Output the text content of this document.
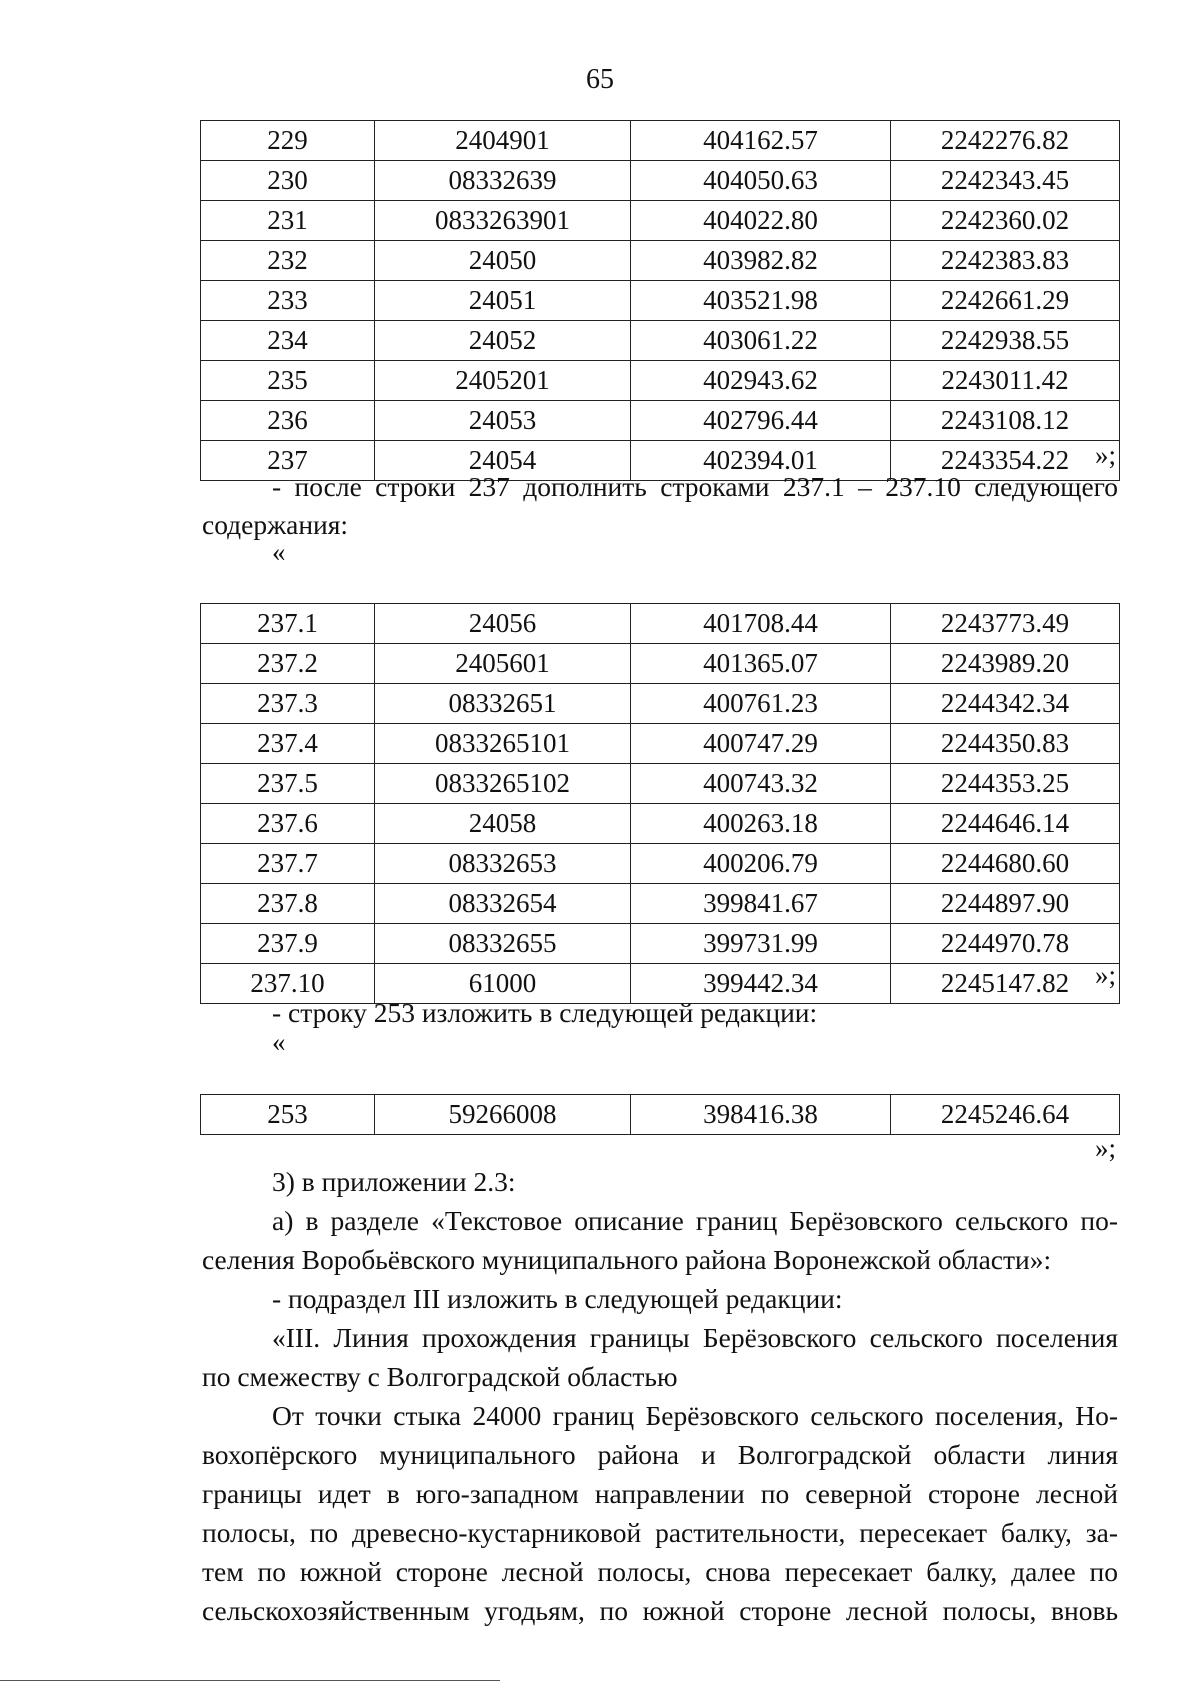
65
229	2404901	404162.57	2242276.82
230	08332639	404050.63	2242343.45
231	0833263901	404022.80	2242360.02
232	24050	403982.82	2242383.83
233	24051	403521.98	2242661.29
234	24052	403061.22	2242938.55
235	2405201	402943.62	2243011.42
236	24053	402796.44	2243108.12
237	24054	402394.01	2243354.22 »;
- после строки 237 дополнить строками 237.1 – 237.10 следующего
содержания:
«
237.1	24056	401708.44	2243773.49
237.2	2405601	401365.07	2243989.20
237.3	08332651	400761.23	2244342.34
237.4	0833265101	400747.29	2244350.83
237.5	0833265102	400743.32	2244353.25
237.6	24058	400263.18	2244646.14
237.7	08332653	400206.79	2244680.60
237.8	08332654	399841.67	2244897.90
237.9	08332655	399731.99	2244970.78
237.10	61000	399442.34	2245147.82 »;
- строку 253 изложить в следующей редакции:
«
253	59266008	398416.38	2245246.64
»;
3) в приложении 2.3:
а) в разделе «Текстовое описание границ Берёзовского сельского по-
селения Воробьёвского муниципального района Воронежской области»:
- подраздел III изложить в следующей редакции:
«III. Линия прохождения границы Берёзовского сельского поселения
по смежеству с Волгоградской областью
От точки стыка 24000 границ Берёзовского сельского поселения, Но-
вохопёрского муниципального района и Волгоградской области линия
границы идет в юго-западном направлении по северной стороне лесной
полосы, по древесно-кустарниковой растительности, пересекает балку, за-
тем по южной стороне лесной полосы, снова пересекает балку, далее по
сельскохозяйственным угодьям, по южной стороне лесной полосы, вновь
